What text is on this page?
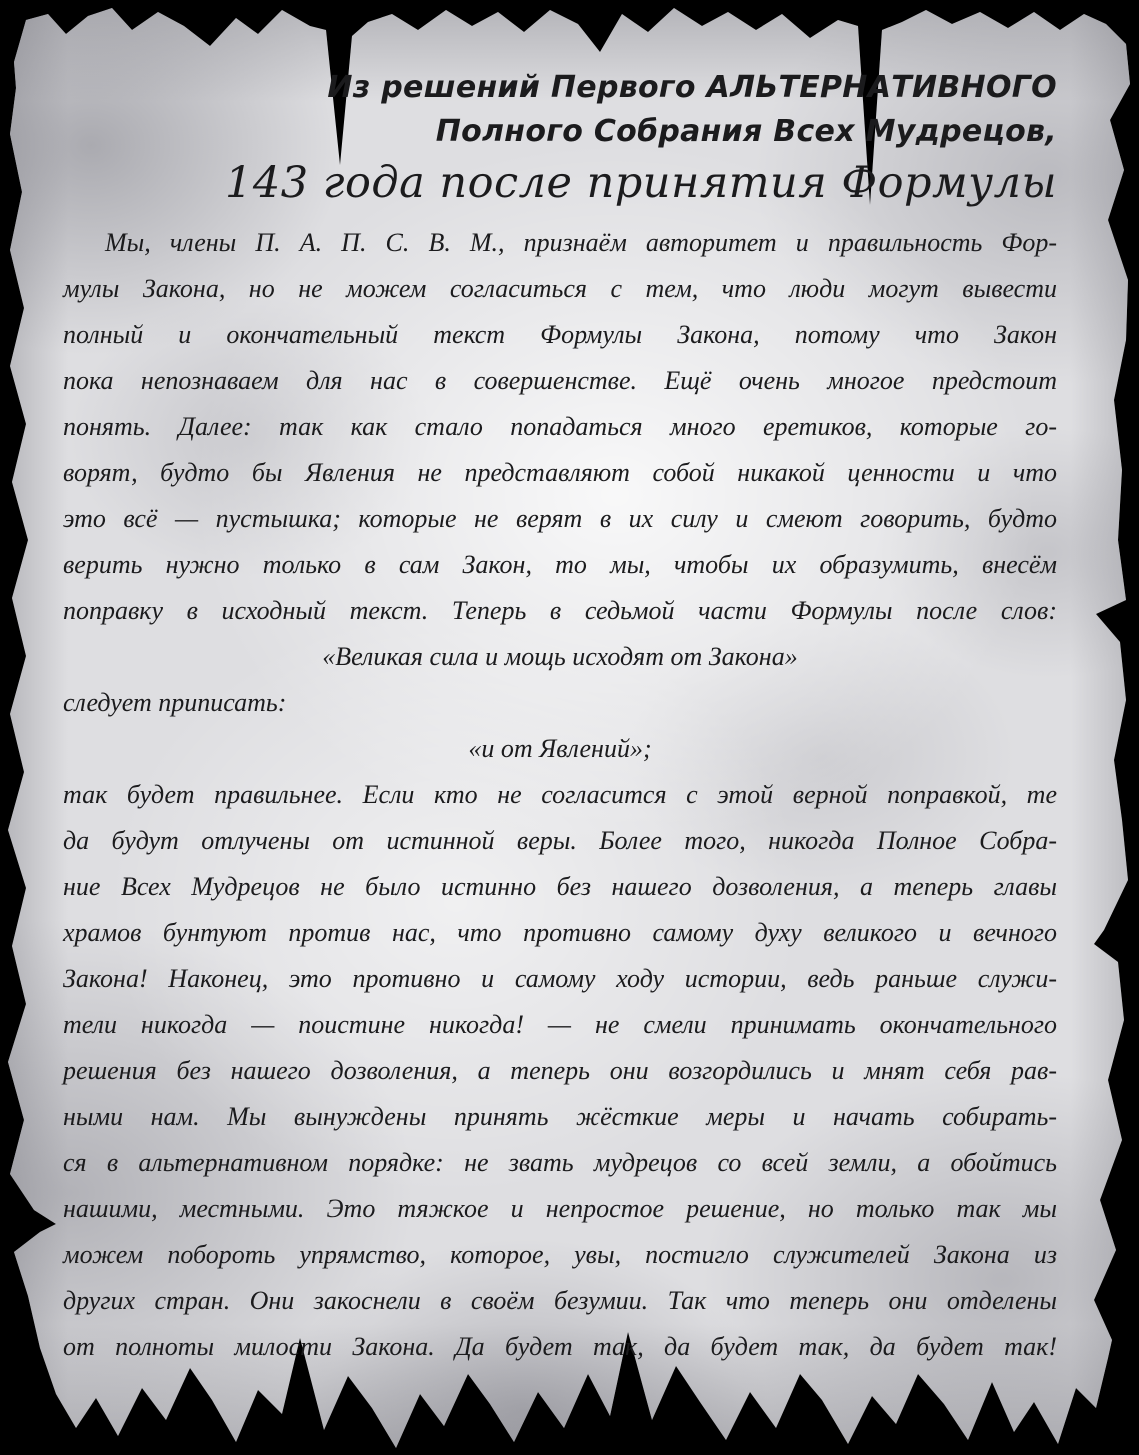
Из решений Первого АЛЬТЕРНАТИВНОГО
Полного Собрания Всех Мудрецов,
143 года после принятия Формулы
Мы, члены П. А. П. С. В. М., признаём авторитет и правильность Фор-
мулы Закона, но не можем согласиться с тем, что люди могут вывести
полный и окончательный текст Формулы Закона, потому что Закон
пока непознаваем для нас в совершенстве. Ещё очень многое предстоит
понять. Далее: так как стало попадаться много еретиков, которые го-
ворят, будто бы Явления не представляют собой никакой ценности и что
это всё — пустышка; которые не верят в их силу и смеют говорить, будто
верить нужно только в сам Закон, то мы, чтобы их образумить, внесём
поправку в исходный текст. Теперь в седьмой части Формулы после слов:
«Великая сила и мощь исходят от Закона»
следует приписать:
«и от Явлений»;
так будет правильнее. Если кто не согласится с этой верной поправкой, те
да будут отлучены от истинной веры. Более того, никогда Полное Собра-
ние Всех Мудрецов не было истинно без нашего дозволения, а теперь главы
храмов бунтуют против нас, что противно самому духу великого и вечного
Закона! Наконец, это противно и самому ходу истории, ведь раньше служи-
тели никогда — поистине никогда! — не смели принимать окончательного
решения без нашего дозволения, а теперь они возгордились и мнят себя рав-
ными нам. Мы вынуждены принять жёсткие меры и начать собирать-
ся в альтернативном порядке: не звать мудрецов со всей земли, а обойтись
нашими, местными. Это тяжкое и непростое решение, но только так мы
можем побороть упрямство, которое, увы, постигло служителей Закона из
других стран. Они закоснели в своём безумии. Так что теперь они отделены
от полноты милости Закона. Да будет так, да будет так, да будет так!
